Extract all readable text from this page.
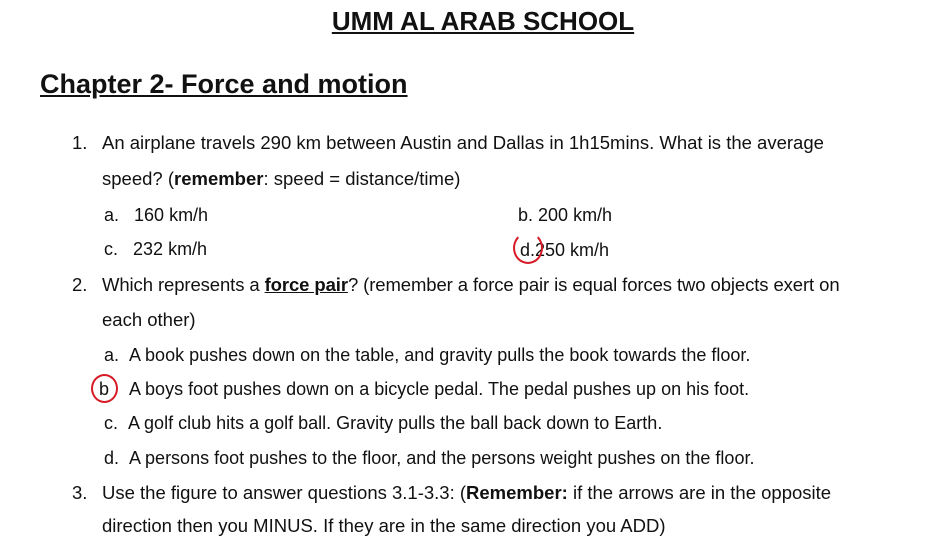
UMM AL ARAB SCHOOL
Chapter 2- Force and motion
1. An airplane travels 290 km between Austin and Dallas in 1h15mins. What is the average
speed? (remember: speed = distance/time)
a. 160 km/h	b. 200 km/h
c. 232 km/h	d.250 km/h
2. Which represents a force pair? (remember a force pair is equal forces two objects exert on
each other)
a. A book pushes down on the table, and gravity pulls the book towards the floor.
b A boys foot pushes down on a bicycle pedal. The pedal pushes up on his foot.
c. A golf club hits a golf ball. Gravity pulls the ball back down to Earth.
d. A persons foot pushes to the floor, and the persons weight pushes on the floor.
3. Use the figure to answer questions 3.1-3.3: (Remember: if the arrows are in the opposite
direction then you MINUS. If they are in the same direction you ADD)
